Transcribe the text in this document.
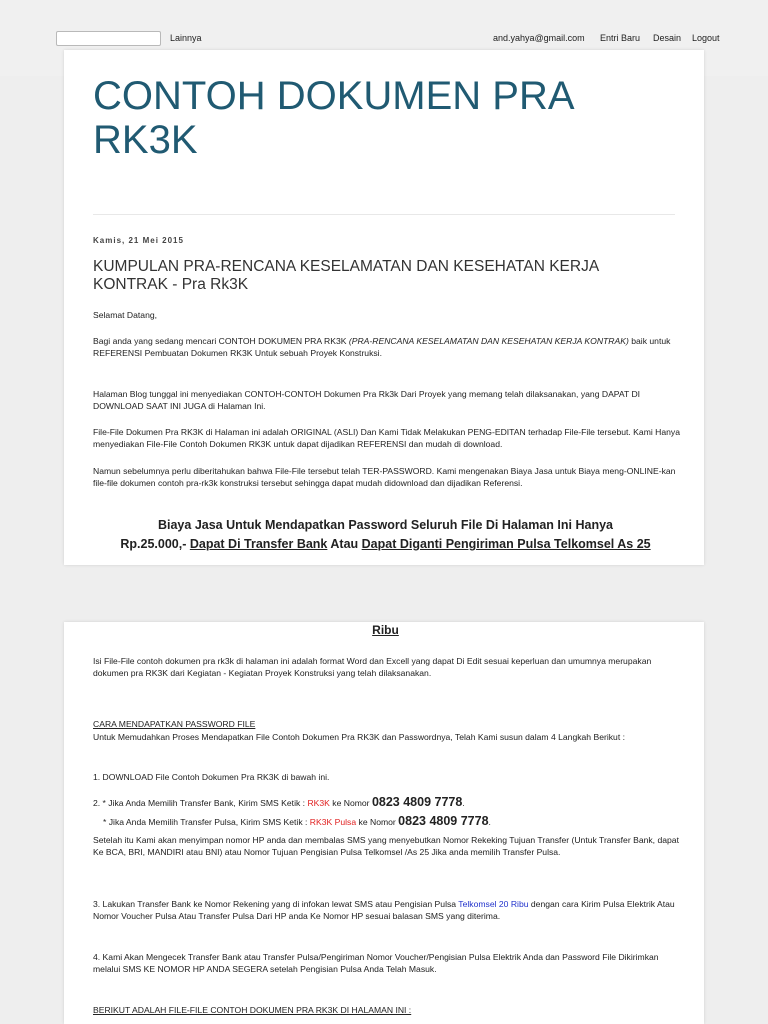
Lainnya	and.yahya@gmail.com Entri Baru Desain Logout
CONTOH DOKUMEN PRA RK3K
Kamis, 21 Mei 2015
KUMPULAN PRA-RENCANA KESELAMATAN DAN KESEHATAN KERJA KONTRAK - Pra Rk3K

Selamat Datang,

Bagi anda yang sedang mencari CONTOH DOKUMEN PRA RK3K (PRA-RENCANA KESELAMATAN DAN KESEHATAN KERJA KONTRAK) baik untuk REFERENSI Pembuatan Dokumen RK3K Untuk sebuah Proyek Konstruksi.

Halaman Blog tunggal ini menyediakan CONTOH-CONTOH Dokumen Pra Rk3k Dari Proyek yang memang telah dilaksanakan, yang DAPAT DI DOWNLOAD SAAT INI JUGA di Halaman Ini.

File-File Dokumen Pra RK3K di Halaman ini adalah ORIGINAL (ASLI) Dan Kami Tidak Melakukan PENG-EDITAN terhadap File-File tersebut. Kami Hanya menyediakan File-File Contoh Dokumen RK3K untuk dapat dijadikan REFERENSI dan mudah di download.

Namun sebelumnya perlu diberitahukan bahwa File-File tersebut telah TER-PASSWORD. Kami mengenakan Biaya Jasa untuk Biaya meng-ONLINE-kan file-file dokumen contoh pra-rk3k konstruksi tersebut sehingga dapat mudah didownload dan dijadikan Referensi.

Biaya Jasa Untuk Mendapatkan Password Seluruh File Di Halaman Ini Hanya
Rp.25.000,- Dapat Di Transfer Bank Atau Dapat Diganti Pengiriman Pulsa Telkomsel As 25
Ribu

Isi File-File contoh dokumen pra rk3k di halaman ini adalah format Word dan Excell yang dapat Di Edit sesuai keperluan dan umumnya merupakan dokumen pra RK3K dari Kegiatan - Kegiatan Proyek Konstruksi yang telah dilaksanakan.

CARA MENDAPATKAN PASSWORD FILE

Untuk Memudahkan Proses Mendapatkan File Contoh Dokumen Pra RK3K dan Passwordnya, Telah Kami susun dalam 4 Langkah Berikut :

1. DOWNLOAD File Contoh Dokumen Pra RK3K di bawah ini.

2. * Jika Anda Memilih Transfer Bank, Kirim SMS Ketik : RK3K ke Nomor 0823 4809 7778.

* Jika Anda Memilih Transfer Pulsa, Kirim SMS Ketik : RK3K Pulsa ke Nomor 0823 4809 7778.

Setelah itu Kami akan menyimpan nomor HP anda dan membalas SMS yang menyebutkan Nomor Rekeking Tujuan Transfer (Untuk Transfer Bank, dapat Ke BCA, BRI, MANDIRI atau BNI) atau Nomor Tujuan Pengisian Pulsa Telkomsel /As 25 Jika anda memilih Transfer Pulsa.

3. Lakukan Transfer Bank ke Nomor Rekening yang di infokan lewat SMS atau Pengisian Pulsa Telkomsel 20 Ribu dengan cara Kirim Pulsa Elektrik Atau Nomor Voucher Pulsa Atau Transfer Pulsa Dari HP anda Ke Nomor HP sesuai balasan SMS yang diterima.

4. Kami Akan Mengecek Transfer Bank atau Transfer Pulsa/Pengiriman Nomor Voucher/Pengisian Pulsa Elektrik Anda dan Password File Dikirimkan melalui SMS KE NOMOR HP ANDA SEGERA setelah Pengisian Pulsa Anda Telah Masuk.

BERIKUT ADALAH FILE-FILE CONTOH DOKUMEN PRA RK3K DI HALAMAN INI :
